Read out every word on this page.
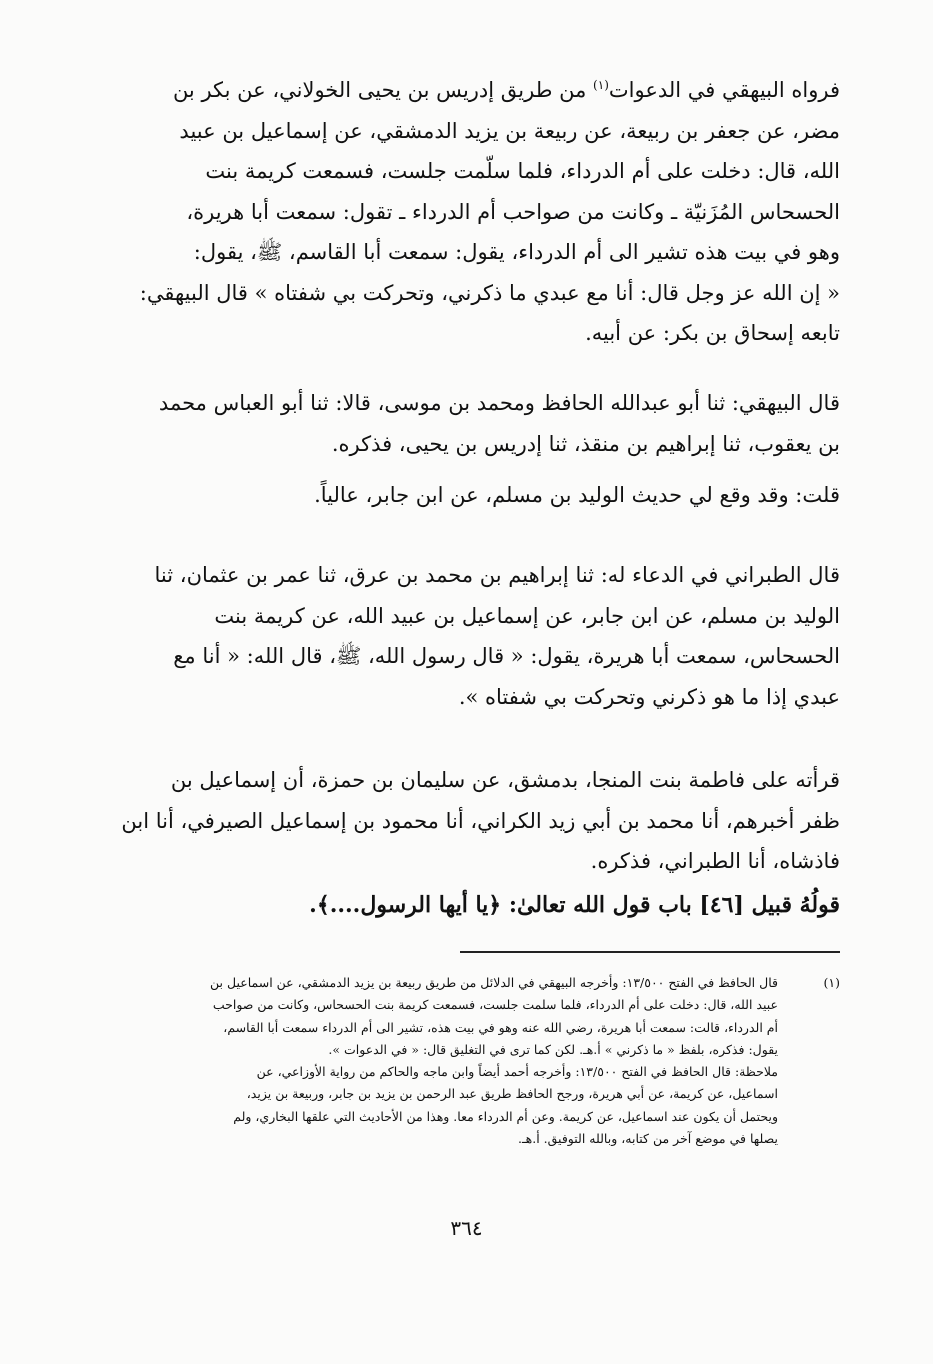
فرواه البيهقي في الدعوات$^{(١)}$ من طريق إدريس بن يحيى الخولاني، عن بكر بن
مضر، عن جعفر بن ربيعة، عن ربيعة بن يزيد الدمشقي، عن إسماعيل بن عبيد
الله، قال: دخلت على أم الدرداء، فلما سلّمت جلست، فسمعت كريمة بنت
الحسحاس المُزَنيّة ـ وكانت من صواحب أم الدرداء ـ تقول: سمعت أبا هريرة،
وهو في بيت هذه تشير الى أم الدرداء، يقول: سمعت أبا القاسم، ﷺ، يقول:
« إن الله عز وجل قال: أنا مع عبدي ما ذكرني، وتحركت بي شفتاه » قال البيهقي:
تابعه إسحاق بن بكر: عن أبيه.
قال البيهقي: ثنا أبو عبدالله الحافظ ومحمد بن موسى، قالا: ثنا أبو العباس محمد
بن يعقوب، ثنا إبراهيم بن منقذ، ثنا إدريس بن يحيى، فذكره.
قلت: وقد وقع لي حديث الوليد بن مسلم، عن ابن جابر، عالياً.
قال الطبراني في الدعاء له: ثنا إبراهيم بن محمد بن عرق، ثنا عمر بن عثمان، ثنا
الوليد بن مسلم، عن ابن جابر، عن إسماعيل بن عبيد الله، عن كريمة بنت
الحسحاس، سمعت أبا هريرة، يقول: « قال رسول الله، ﷺ، قال الله: « أنا مع
عبدي إذا ما هو ذكرني وتحركت بي شفتاه ».
قرأته على فاطمة بنت المنجا، بدمشق، عن سليمان بن حمزة، أن إسماعيل بن
ظفر أخبرهم، أنا محمد بن أبي زيد الكراني، أنا محمود بن إسماعيل الصيرفي، أنا ابن
فاذشاه، أنا الطبراني، فذكره.
قولُهُ قبيل [٤٦] باب قول الله تعالىٰ: ﴿يا أيها الرسول....﴾.
(١)
قال الحافظ في الفتح ١٣/٥٠٠: وأخرجه البيهقي في الدلائل من طريق ربيعة بن يزيد الدمشقي، عن اسماعيل بن
عبيد الله، قال: دخلت على أم الدرداء، فلما سلمت جلست، فسمعت كريمة بنت الحسحاس، وكانت من صواحب
أم الدرداء، قالت: سمعت أبا هريرة، رضي الله عنه وهو في بيت هذه، تشير الى أم الدرداء سمعت أبا القاسم،
يقول: فذكره، بلفظ « ما ذكرني » أ.هـ. لكن كما ترى في التغليق قال: « في الدعوات ».
ملاحظة: قال الحافظ في الفتح ١٣/٥٠٠: وأخرجه أحمد أيضاً وابن ماجه والحاكم من رواية الأوزاعي، عن
اسماعيل، عن كريمة، عن أبي هريرة، ورجح الحافظ طريق عبد الرحمن بن يزيد بن جابر، وربيعة بن يزيد،
ويحتمل أن يكون عند اسماعيل، عن كريمة. وعن أم الدرداء معا. وهذا من الأحاديث التي علقها البخاري، ولم
يصلها في موضع آخر من كتابه، وبالله التوفيق. أ.هـ.
٣٦٤
